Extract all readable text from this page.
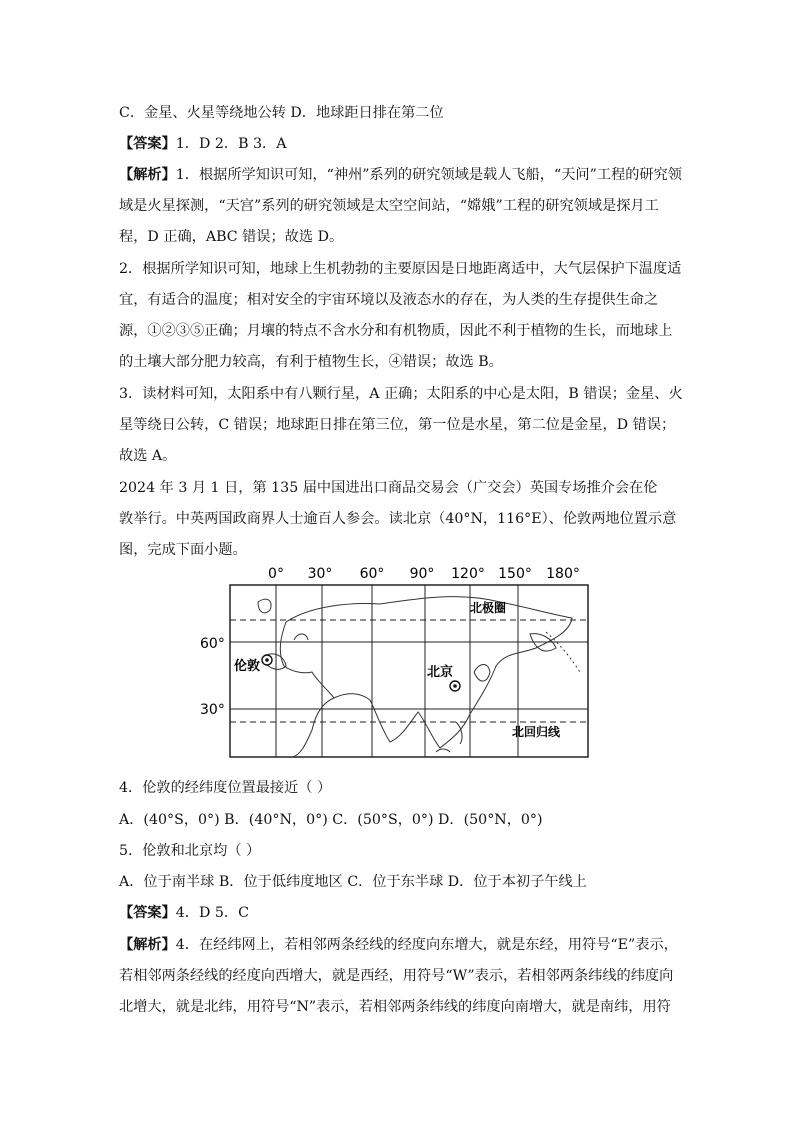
C．金星、火星等绕地公转 D．地球距日排在第二位
【答案】1．D 2．B 3．A
【解析】1．根据所学知识可知，“神州”系列的研究领域是载人飞船，“天问”工程的研究领
域是火星探测，“天宫”系列的研究领域是太空空间站，“嫦娥”工程的研究领域是探月工
程，D 正确，ABC 错误；故选 D。
2．根据所学知识可知，地球上生机勃勃的主要原因是日地距离适中，大气层保护下温度适
宜，有适合的温度；相对安全的宇宙环境以及液态水的存在，为人类的生存提供生命之
源，①②③⑤正确；月壤的特点不含水分和有机物质，因此不利于植物的生长，而地球上
的土壤大部分肥力较高，有利于植物生长，④错误；故选 B。
3．读材料可知，太阳系中有八颗行星，A 正确；太阳系的中心是太阳，B 错误；金星、火
星等绕日公转，C 错误；地球距日排在第三位，第一位是水星，第二位是金星，D 错误；
故选 A。
2024 年 3 月 1 日，第 135 届中国进出口商品交易会（广交会）英国专场推介会在伦
敦举行。中英两国政商界人士逾百人参会。读北京（40°N，116°E）、伦敦两地位置示意
图，完成下面小题。
4．伦敦的经纬度位置最接近（ ）
A．(40°S，0°) B．(40°N，0°) C．(50°S，0°) D．(50°N，0°)
5．伦敦和北京均（ ）
A．位于南半球 B．位于低纬度地区 C．位于东半球 D．位于本初子午线上
【答案】4．D 5．C
【解析】4．在经纬网上，若相邻两条经线的经度向东增大，就是东经，用符号“E”表示，
若相邻两条经线的经度向西增大，就是西经，用符号“W”表示，若相邻两条纬线的纬度向
北增大，就是北纬，用符号“N”表示，若相邻两条纬线的纬度向南增大，就是南纬，用符
0° 30° 60° 90° 120° 150° 180°
60°
30°
北极圈
北回归线
伦敦	北京
